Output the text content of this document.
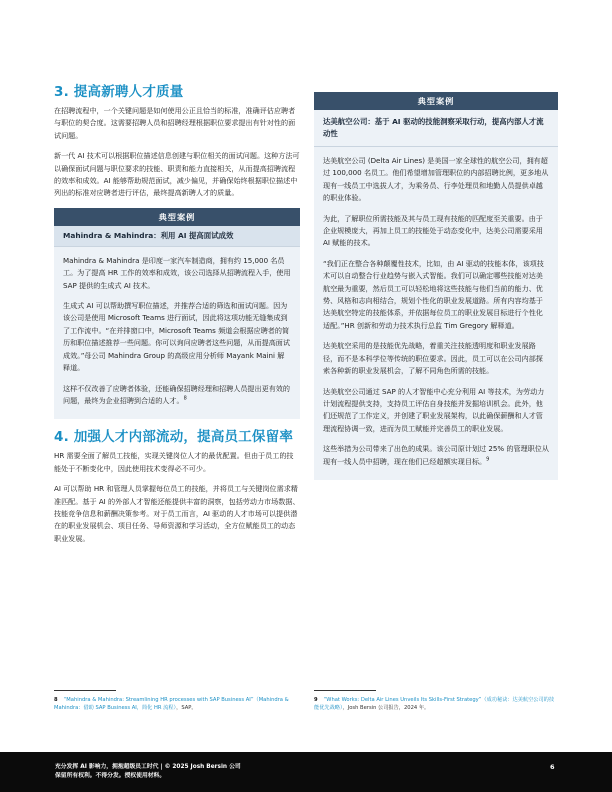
3. 提高新聘人才质量

在招聘流程中，一个关键问题是如何使用公正且恰当的标准，准确评估应聘者与职位的契合度。这需要招聘人员和招聘经理根据职位要求提出有针对性的面试问题。

新一代 AI 技术可以根据职位描述信息创建与职位相关的面试问题。这种方法可以确保面试问题与职位要求的技能、职责和能力直接相关，从而提高招聘流程的效率和成效。AI 能够帮助规范面试，减少偏见，并确保始终根据职位描述中列出的标准对应聘者进行评估，最终提高新聘人才的质量。

典型案例
Mahindra & Mahindra：利用 AI 提高面试成效

Mahindra & Mahindra 是印度一家汽车制造商，拥有约 15,000 名员工。为了提高 HR 工作的效率和成效，该公司选择从招聘流程入手，使用 SAP 提供的生成式 AI 技术。

生成式 AI 可以帮助撰写职位描述，并推荐合适的筛选和面试问题。因为该公司是使用 Microsoft Teams 进行面试，因此将这项功能无缝集成到了工作流中。“在并排窗口中，Microsoft Teams 频道会根据应聘者的简历和职位描述推荐一些问题。你可以询问应聘者这些问题，从而提高面试成效。”母公司 Mahindra Group 的高级应用分析师 Mayank Maini 解释道。

这样不仅改善了应聘者体验，还能确保招聘经理和招聘人员提出更有效的问题，最终为企业招聘到合适的人才。$^8$

4. 加强人才内部流动，提高员工保留率

HR 需要全面了解员工技能，实现关键岗位人才的最优配置。但由于员工的技能处于不断变化中，因此使用技术变得必不可少。

AI 可以帮助 HR 和管理人员掌握每位员工的技能，并将员工与关键岗位需求精准匹配。基于 AI 的外部人才智能还能提供丰富的洞察，包括劳动力市场数据、技能竞争信息和薪酬决策参考。对于员工而言，AI 驱动的人才市场可以提供潜在的职业发展机会、项目任务、导师资源和学习活动，全方位赋能员工的动态职业发展。

典型案例
达美航空公司：基于 AI 驱动的技能洞察采取行动，提高内部人才流动性

达美航空公司 (Delta Air Lines) 是美国一家全球性的航空公司，拥有超过 100,000 名员工。他们希望增加管理职位的内部招聘比例，更多地从现有一线员工中选拔人才，为乘务员、行李处理员和地勤人员提供卓越的职业体验。

为此，了解职位所需技能及其与员工现有技能的匹配度至关重要。由于企业规模庞大，再加上员工的技能处于动态变化中，达美公司需要采用 AI 赋能的技术。

“我们正在整合各种颠覆性技术，比如，由 AI 驱动的技能本体，该项技术可以自动整合行业趋势与嵌入式智能。我们可以确定哪些技能对达美航空最为重要，然后员工可以轻松地将这些技能与他们当前的能力、优势、风格和志向相结合，规划个性化的职业发展道路。所有内容均基于达美航空特定的技能体系，并依据每位员工的职业发展目标进行个性化适配。”HR 创新和劳动力技术执行总监 Tim Gregory 解释道。

达美航空采用的是技能优先战略，着重关注技能透明度和职业发展路径，而不是本科学位等传统的职位要求。因此，员工可以在公司内部探索各种新的职业发展机会，了解不同角色所需的技能。

达美航空公司通过 SAP 的人才智能中心充分利用 AI 等技术，为劳动力计划流程提供支持，支持员工评估自身技能并发掘培训机会。此外，他们还规范了工作定义，并创建了职业发展架构，以此确保薪酬和人才管理流程协调一致，进而为员工赋能并完善员工的职业发展。

这些举措为公司带来了出色的成果。该公司原计划过 25% 的管理职位从现有一线人员中招聘，现在他们已经超额实现目标。$^9$

8 “Mahindra & Mahindra: Streamlining HR processes with SAP Business AI”（Mahindra & Mahindra：借助 SAP Business AI，简化 HR 流程），SAP。
9 “What Works: Delta Air Lines Unveils Its Skills-First Strategy”（成功秘诀：达美航空公司的技能优先战略），Josh Bersin 公司报告，2024 年。
充分发挥 AI 影响力，拥抱超级员工时代 | © 2025 Josh Bersin 公司
保留所有权利。不得分发。授权使用材料。
6
